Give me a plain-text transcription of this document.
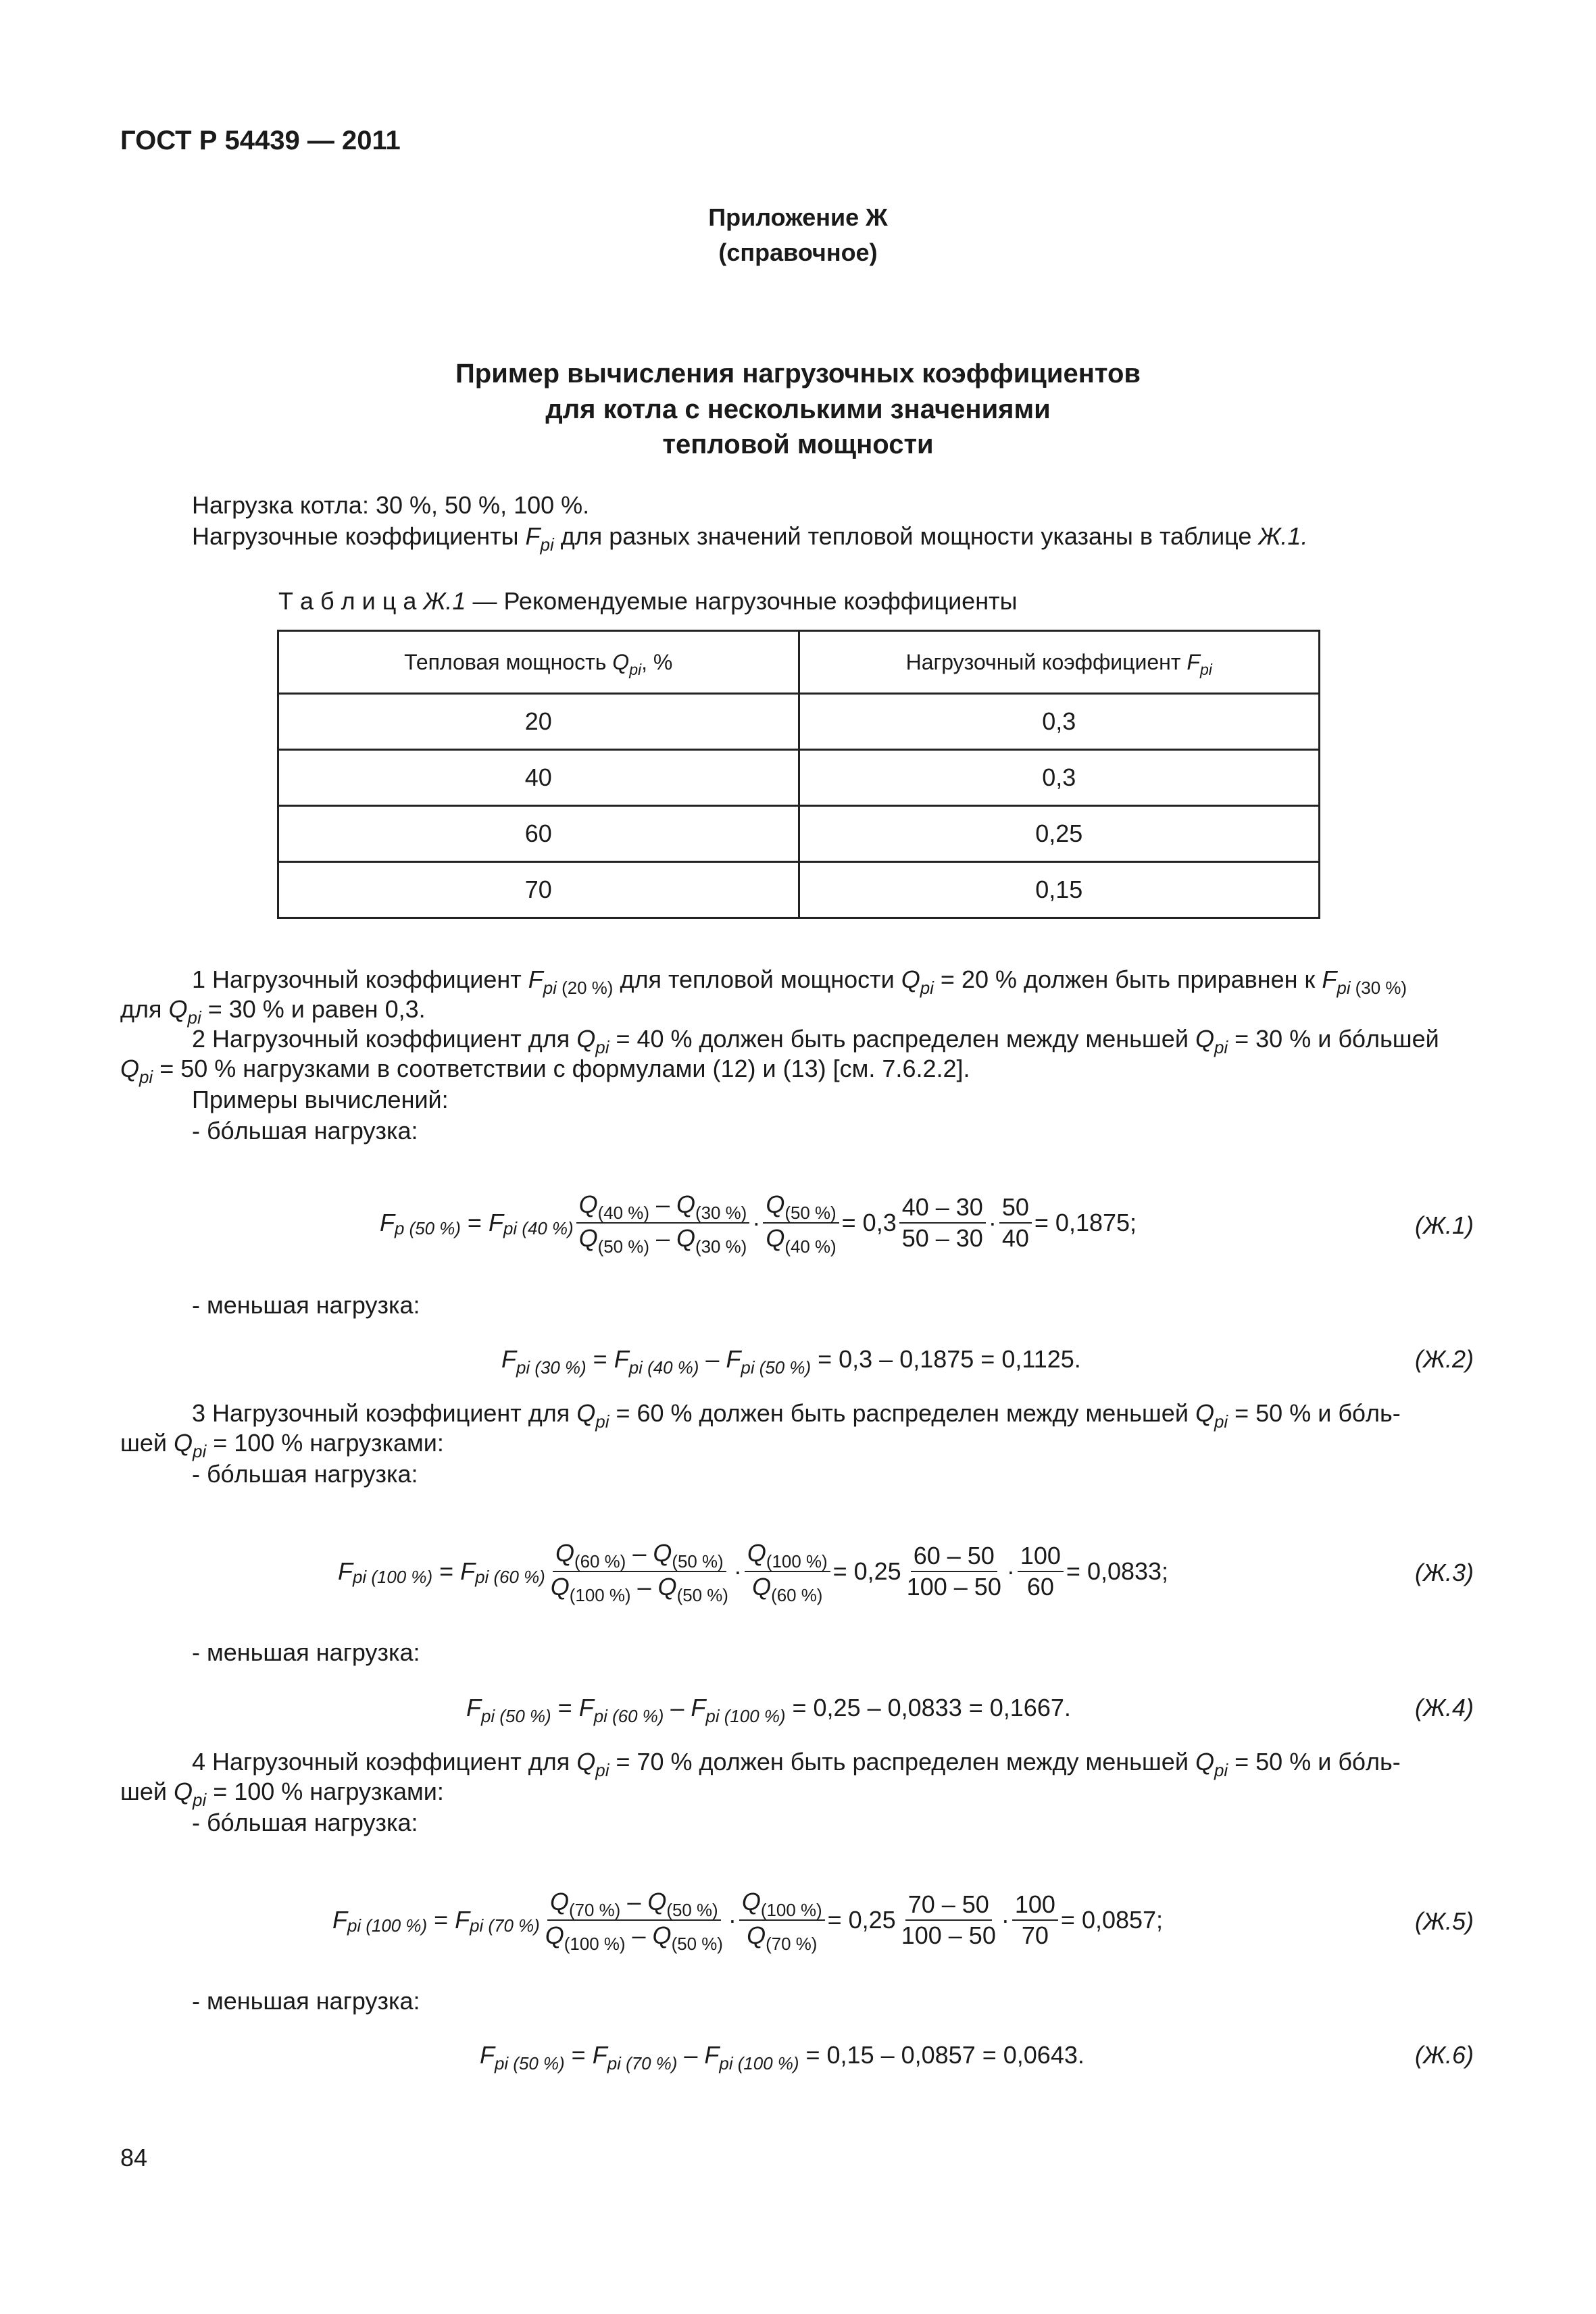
ГОСТ Р 54439 — 2011
Приложение Ж
(справочное)
Пример вычисления нагрузочных коэффициентов
для котла с несколькими значениями
тепловой мощности
Нагрузка котла: 30 %, 50 %, 100 %.
Нагрузочные коэффициенты $F_{pi}$ для разных значений тепловой мощности указаны в таблице Ж.1.
Т а б л и ц а Ж.1 — Рекомендуемые нагрузочные коэффициенты
Тепловая мощность $Q_{pi}$, %	Нагрузочный коэффициент $F_{pi}$
20	0,3
40	0,3
60	0,25
70	0,15
1 Нагрузочный коэффициент $F_{pi (20 \%)}$ для тепловой мощности $Q_{pi} = 20$ % должен быть приравнен к $F_{pi (30 \%)}$
для $Q_{pi} = 30$ % и равен 0,3.
2 Нагрузочный коэффициент для $Q_{pi} = 40$ % должен быть распределен между меньшей $Q_{pi} = 30$ % и бóльшей
$Q_{pi} = 50$ % нагрузками в соответствии с формулами (12) и (13) [см. 7.6.2.2].
Примеры вычислений:
- бóльшая нагрузка:
F p (50 %) = F pi (40 %) $\frac{Q_{(40 \%)} - Q_{(30 \%)}}{Q_{(50 \%)} - Q_{(30 \%)}} \cdot \frac{Q_{(50 \%)}}{Q_{(40 \%)}} = 0,3 \frac{40 - 30}{50 - 30} \cdot \frac{50}{40} = 0,1875$;	(Ж.1)
- меньшая нагрузка:
$F_{pi (30 \%)} = F_{pi (40 \%)} - F_{pi (50 \%)} = 0,3 - 0,1875 = 0,1125$.	(Ж.2)
3 Нагрузочный коэффициент для $Q_{pi} = 60$ % должен быть распределен между меньшей $Q_{pi} = 50$ % и бóль-
шей $Q_{pi} = 100$ % нагрузками:
- бóльшая нагрузка:
F pi (100 %) = F pi (60 %) $\frac{Q_{(60 \%)} - Q_{(50 \%)}}{Q_{(100 \%)} - Q_{(50 \%)}} \cdot \frac{Q_{(100 \%)}}{Q_{(60 \%)}} = 0,25 \frac{60 - 50}{100 - 50} \cdot \frac{100}{60} = 0,0833$;	(Ж.3)
- меньшая нагрузка:
$F_{pi (50 \%)} = F_{pi (60 \%)} - F_{pi (100 \%)} = 0,25 - 0,0833 = 0,1667$.	(Ж.4)
4 Нагрузочный коэффициент для $Q_{pi} = 70$ % должен быть распределен между меньшей $Q_{pi} = 50$ % и бóль-
шей $Q_{pi} = 100$ % нагрузками:
- бóльшая нагрузка:
F pi (100 %) = F pi (70 %) $\frac{Q_{(70 \%)} - Q_{(50 \%)}}{Q_{(100 \%)} - Q_{(50 \%)}} \cdot \frac{Q_{(100 \%)}}{Q_{(70 \%)}} = 0,25 \frac{70 - 50}{100 - 50} \cdot \frac{100}{70} = 0,0857$;	(Ж.5)
- меньшая нагрузка:
$F_{pi (50 \%)} = F_{pi (70 \%)} - F_{pi (100 \%)} = 0,15 - 0,0857 = 0,0643$.	(Ж.6)
84
